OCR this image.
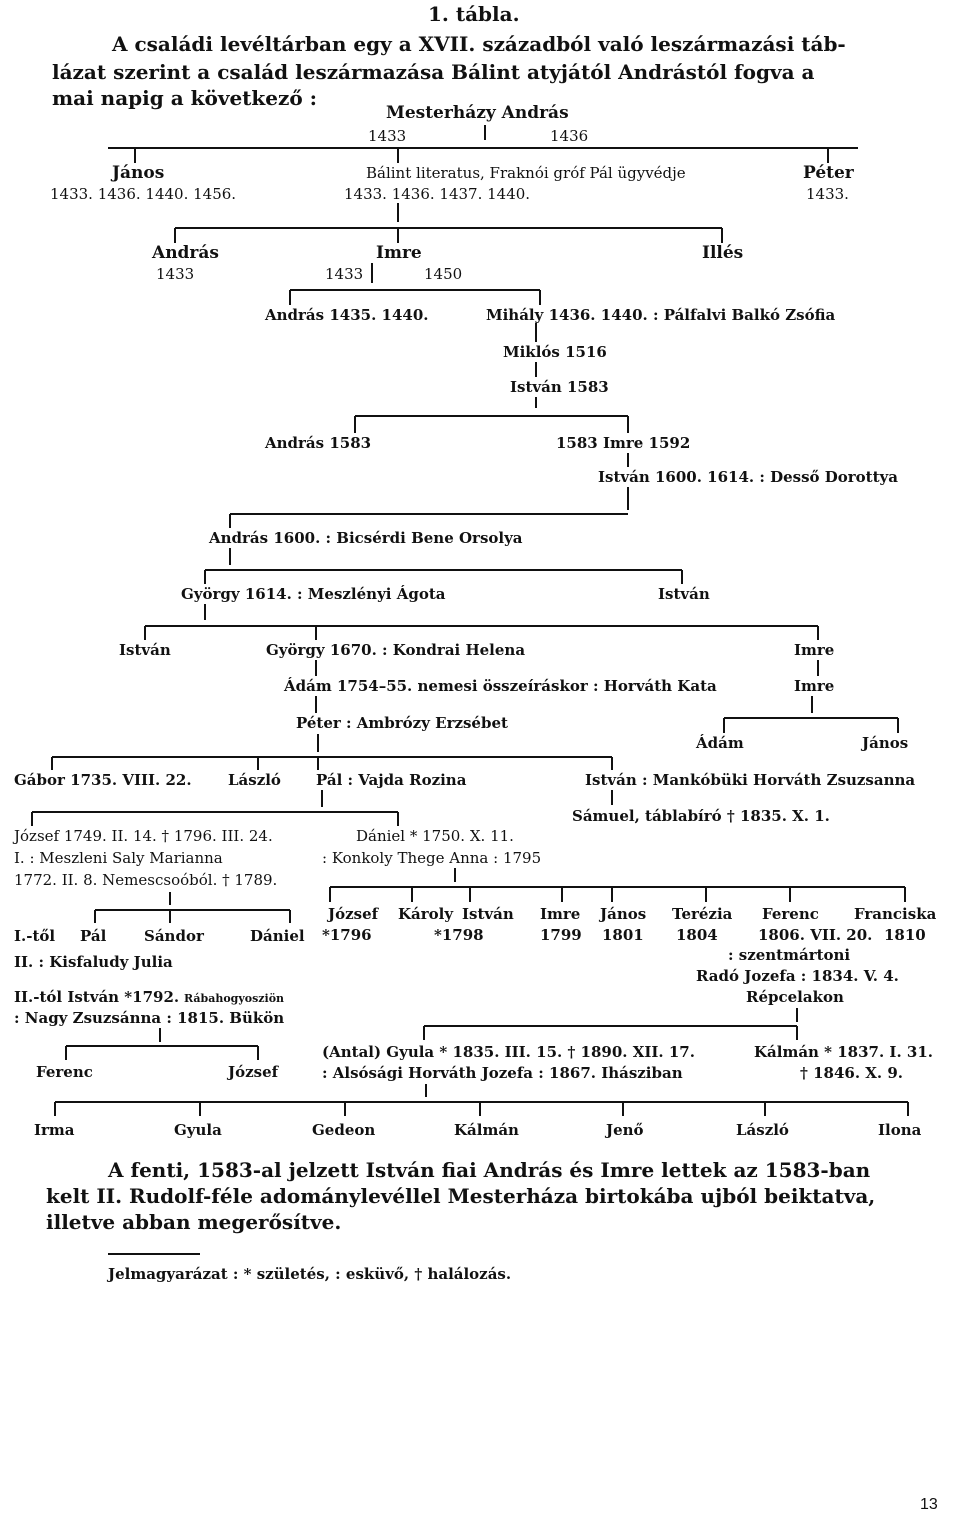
1. tábla.
A családi levéltárban egy a XVII. századból való leszármazási táb-
lázat szerint a család leszármazása Bálint atyjától Andrástól fogva a
mai napig a következő :
Mesterházy András
1433	1436
János
1433. 1436. 1440. 1456.
Bálint literatus, Fraknói gróf Pál ügyvédje
1433. 1436. 1437. 1440.
Péter
1433.
András
1433
Imre
1433	1450
Illés
András 1435. 1440.	Mihály 1436. 1440. : Pálfalvi Balkó Zsófia
Miklós 1516
István 1583
András 1583	1583 Imre 1592
István 1600. 1614. : Desső Dorottya
András 1600. : Bicsérdi Bene Orsolya
György 1614. : Meszlényi Ágota	István
István	György 1670. : Kondrai Helena	Imre
Ádám 1754–55. nemesi összeíráskor : Horváth Kata	Imre
Péter : Ambrózy Erzsébet
Ádám	János
Gábor 1735. VIII. 22. László Pál : Vajda Rozina	István : Mankóbüki Horváth Zsuzsanna
Sámuel, táblabíró † 1835. X. 1.
József 1749. II. 14. † 1796. III. 24.
I. : Meszleni Saly Marianna
1772. II. 8. Nemescsoóból. † 1789.
Dániel * 1750. X. 11.
: Konkoly Thege Anna : 1795
József
*1796
Károly István
*1798
Imre
1799
János
1801
Terézia
1804
Ferenc
1806. VII. 20.
Franciska
1810
I.-től Pál	Sándor	Dániel
II. : Kisfaludy Julia
II.-tól István *1792. Rábahogyosziön
: Nagy Zsuzsánna : 1815. Bükön
: szentmártoni
Radó Jozefa : 1834. V. 4.
Répcelakon
Ferenc	József
(Antal) Gyula * 1835. III. 15. † 1890. XII. 17.
: Alsósági Horváth Jozefa : 1867. Ihásziban
Kálmán * 1837. I. 31.
† 1846. X. 9.
Irma	Gyula	Gedeon	Kálmán	Jenő	László	Ilona
A fenti, 1583-al jelzett István fiai András és Imre lettek az 1583-ban
kelt II. Rudolf-féle adománylevéllel Mesterháza birtokába ujból beiktatva,
illetve abban megerősítve.
Jelmagyarázat : * születés, : esküvő, † halálozás.
13
